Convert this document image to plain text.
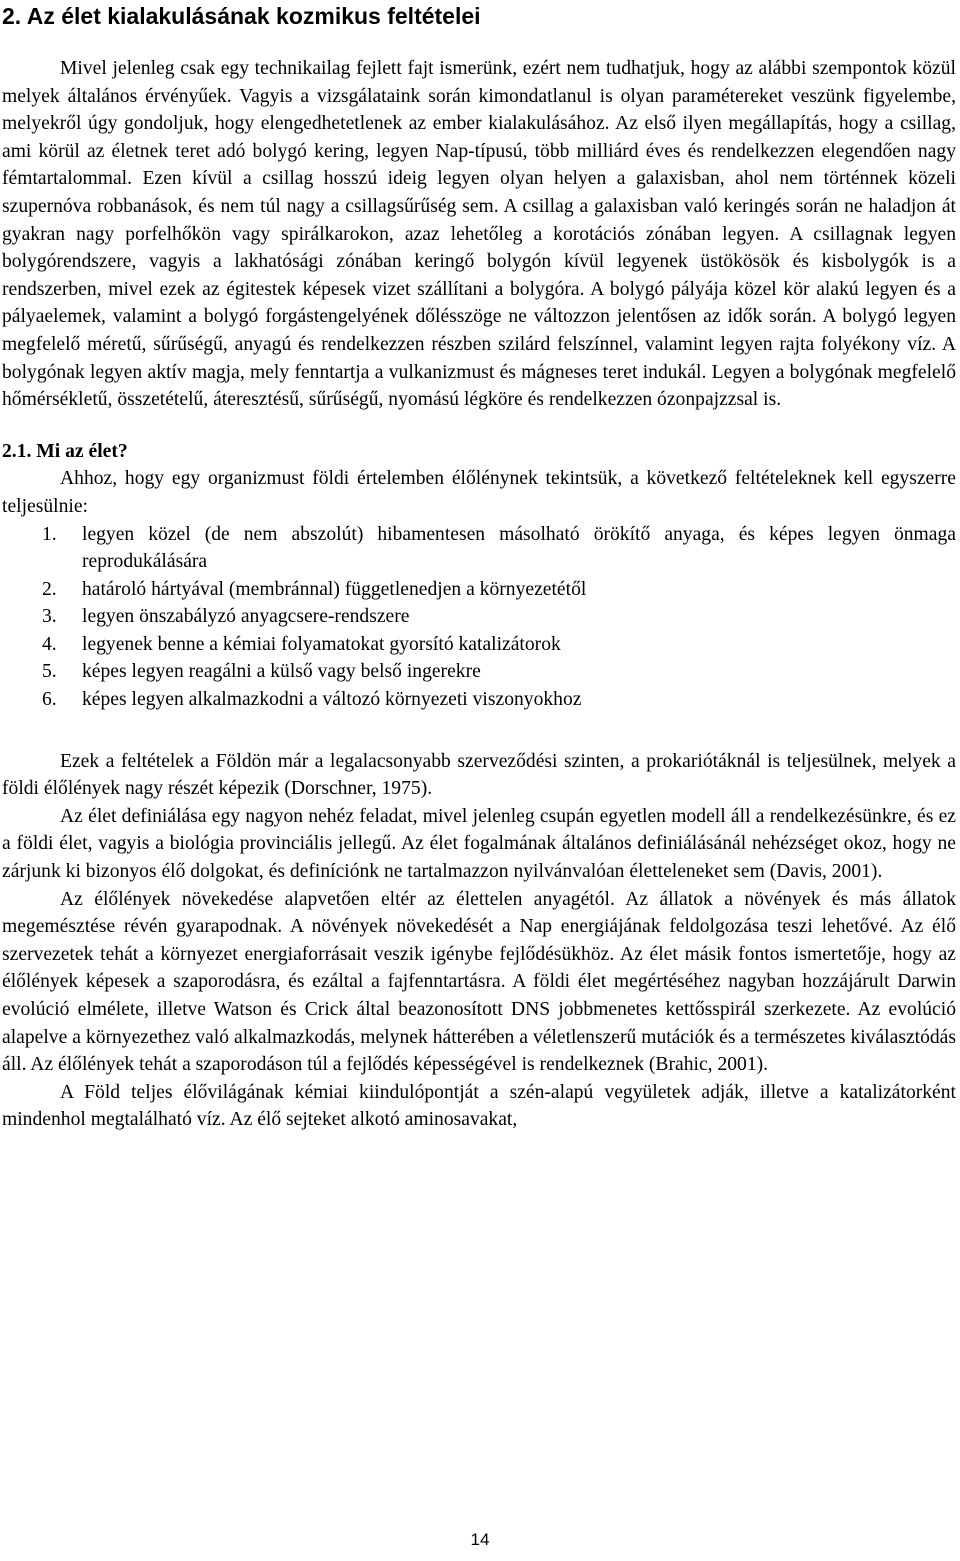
2. Az élet kialakulásának kozmikus feltételei

Mivel jelenleg csak egy technikailag fejlett fajt ismerünk, ezért nem tudhatjuk, hogy az alábbi szempontok közül melyek általános érvényűek. Vagyis a vizsgálataink során kimondatlanul is olyan paramétereket veszünk figyelembe, melyekről úgy gondoljuk, hogy elengedhetetlenek az ember kialakulásához. Az első ilyen megállapítás, hogy a csillag, ami körül az életnek teret adó bolygó kering, legyen Nap-típusú, több milliárd éves és rendelkezzen elegendően nagy fémtartalommal. Ezen kívül a csillag hosszú ideig legyen olyan helyen a galaxisban, ahol nem történnek közeli szupernóva robbanások, és nem túl nagy a csillagsűrűség sem. A csillag a galaxisban való keringés során ne haladjon át gyakran nagy porfelhőkön vagy spirálkarokon, azaz lehetőleg a korotációs zónában legyen. A csillagnak legyen bolygórendszere, vagyis a lakhatósági zónában keringő bolygón kívül legyenek üstökösök és kisbolygók is a rendszerben, mivel ezek az égitestek képesek vizet szállítani a bolygóra. A bolygó pályája közel kör alakú legyen és a pályaelemek, valamint a bolygó forgástengelyének dőlésszöge ne változzon jelentősen az idők során. A bolygó legyen megfelelő méretű, sűrűségű, anyagú és rendelkezzen részben szilárd felszínnel, valamint legyen rajta folyékony víz. A bolygónak legyen aktív magja, mely fenntartja a vulkanizmust és mágneses teret indukál. Legyen a bolygónak megfelelő hőmérsékletű, összetételű, áteresztésű, sűrűségű, nyomású légköre és rendelkezzen ózonpajzzsal is.

2.1. Mi az élet?

Ahhoz, hogy egy organizmust földi értelemben élőlénynek tekintsük, a következő feltételeknek kell egyszerre teljesülnie:

1.	legyen közel (de nem abszolút) hibamentesen másolható örökítő anyaga, és képes legyen önmaga reprodukálására
2.	határoló hártyával (membránnal) függetlenedjen a környezetétől
3.	legyen önszabályzó anyagcsere-rendszere
4.	legyenek benne a kémiai folyamatokat gyorsító katalizátorok
5.	képes legyen reagálni a külső vagy belső ingerekre
6.	képes legyen alkalmazkodni a változó környezeti viszonyokhoz

Ezek a feltételek a Földön már a legalacsonyabb szerveződési szinten, a prokariótáknál is teljesülnek, melyek a földi élőlények nagy részét képezik (Dorschner, 1975).

Az élet definiálása egy nagyon nehéz feladat, mivel jelenleg csupán egyetlen modell áll a rendelkezésünkre, és ez a földi élet, vagyis a biológia provinciális jellegű. Az élet fogalmának általános definiálásánál nehézséget okoz, hogy ne zárjunk ki bizonyos élő dolgokat, és definíciónk ne tartalmazzon nyilvánvalóan életteleneket sem (Davis, 2001).

Az élőlények növekedése alapvetően eltér az élettelen anyagétól. Az állatok a növények és más állatok megemésztése révén gyarapodnak. A növények növekedését a Nap energiájának feldolgozása teszi lehetővé. Az élő szervezetek tehát a környezet energiaforrásait veszik igénybe fejlődésükhöz. Az élet másik fontos ismertetője, hogy az élőlények képesek a szaporodásra, és ezáltal a fajfenntartásra. A földi élet megértéséhez nagyban hozzájárult Darwin evolúció elmélete, illetve Watson és Crick által beazonosított DNS jobbmenetes kettősspirál szerkezete. Az evolúció alapelve a környezethez való alkalmazkodás, melynek hátterében a véletlenszerű mutációk és a természetes kiválasztódás áll. Az élőlények tehát a szaporodáson túl a fejlődés képességével is rendelkeznek (Brahic, 2001).

A Föld teljes élővilágának kémiai kiindulópontját a szén-alapú vegyületek adják, illetve a katalizátorként mindenhol megtalálható víz. Az élő sejteket alkotó aminosavakat,

14
